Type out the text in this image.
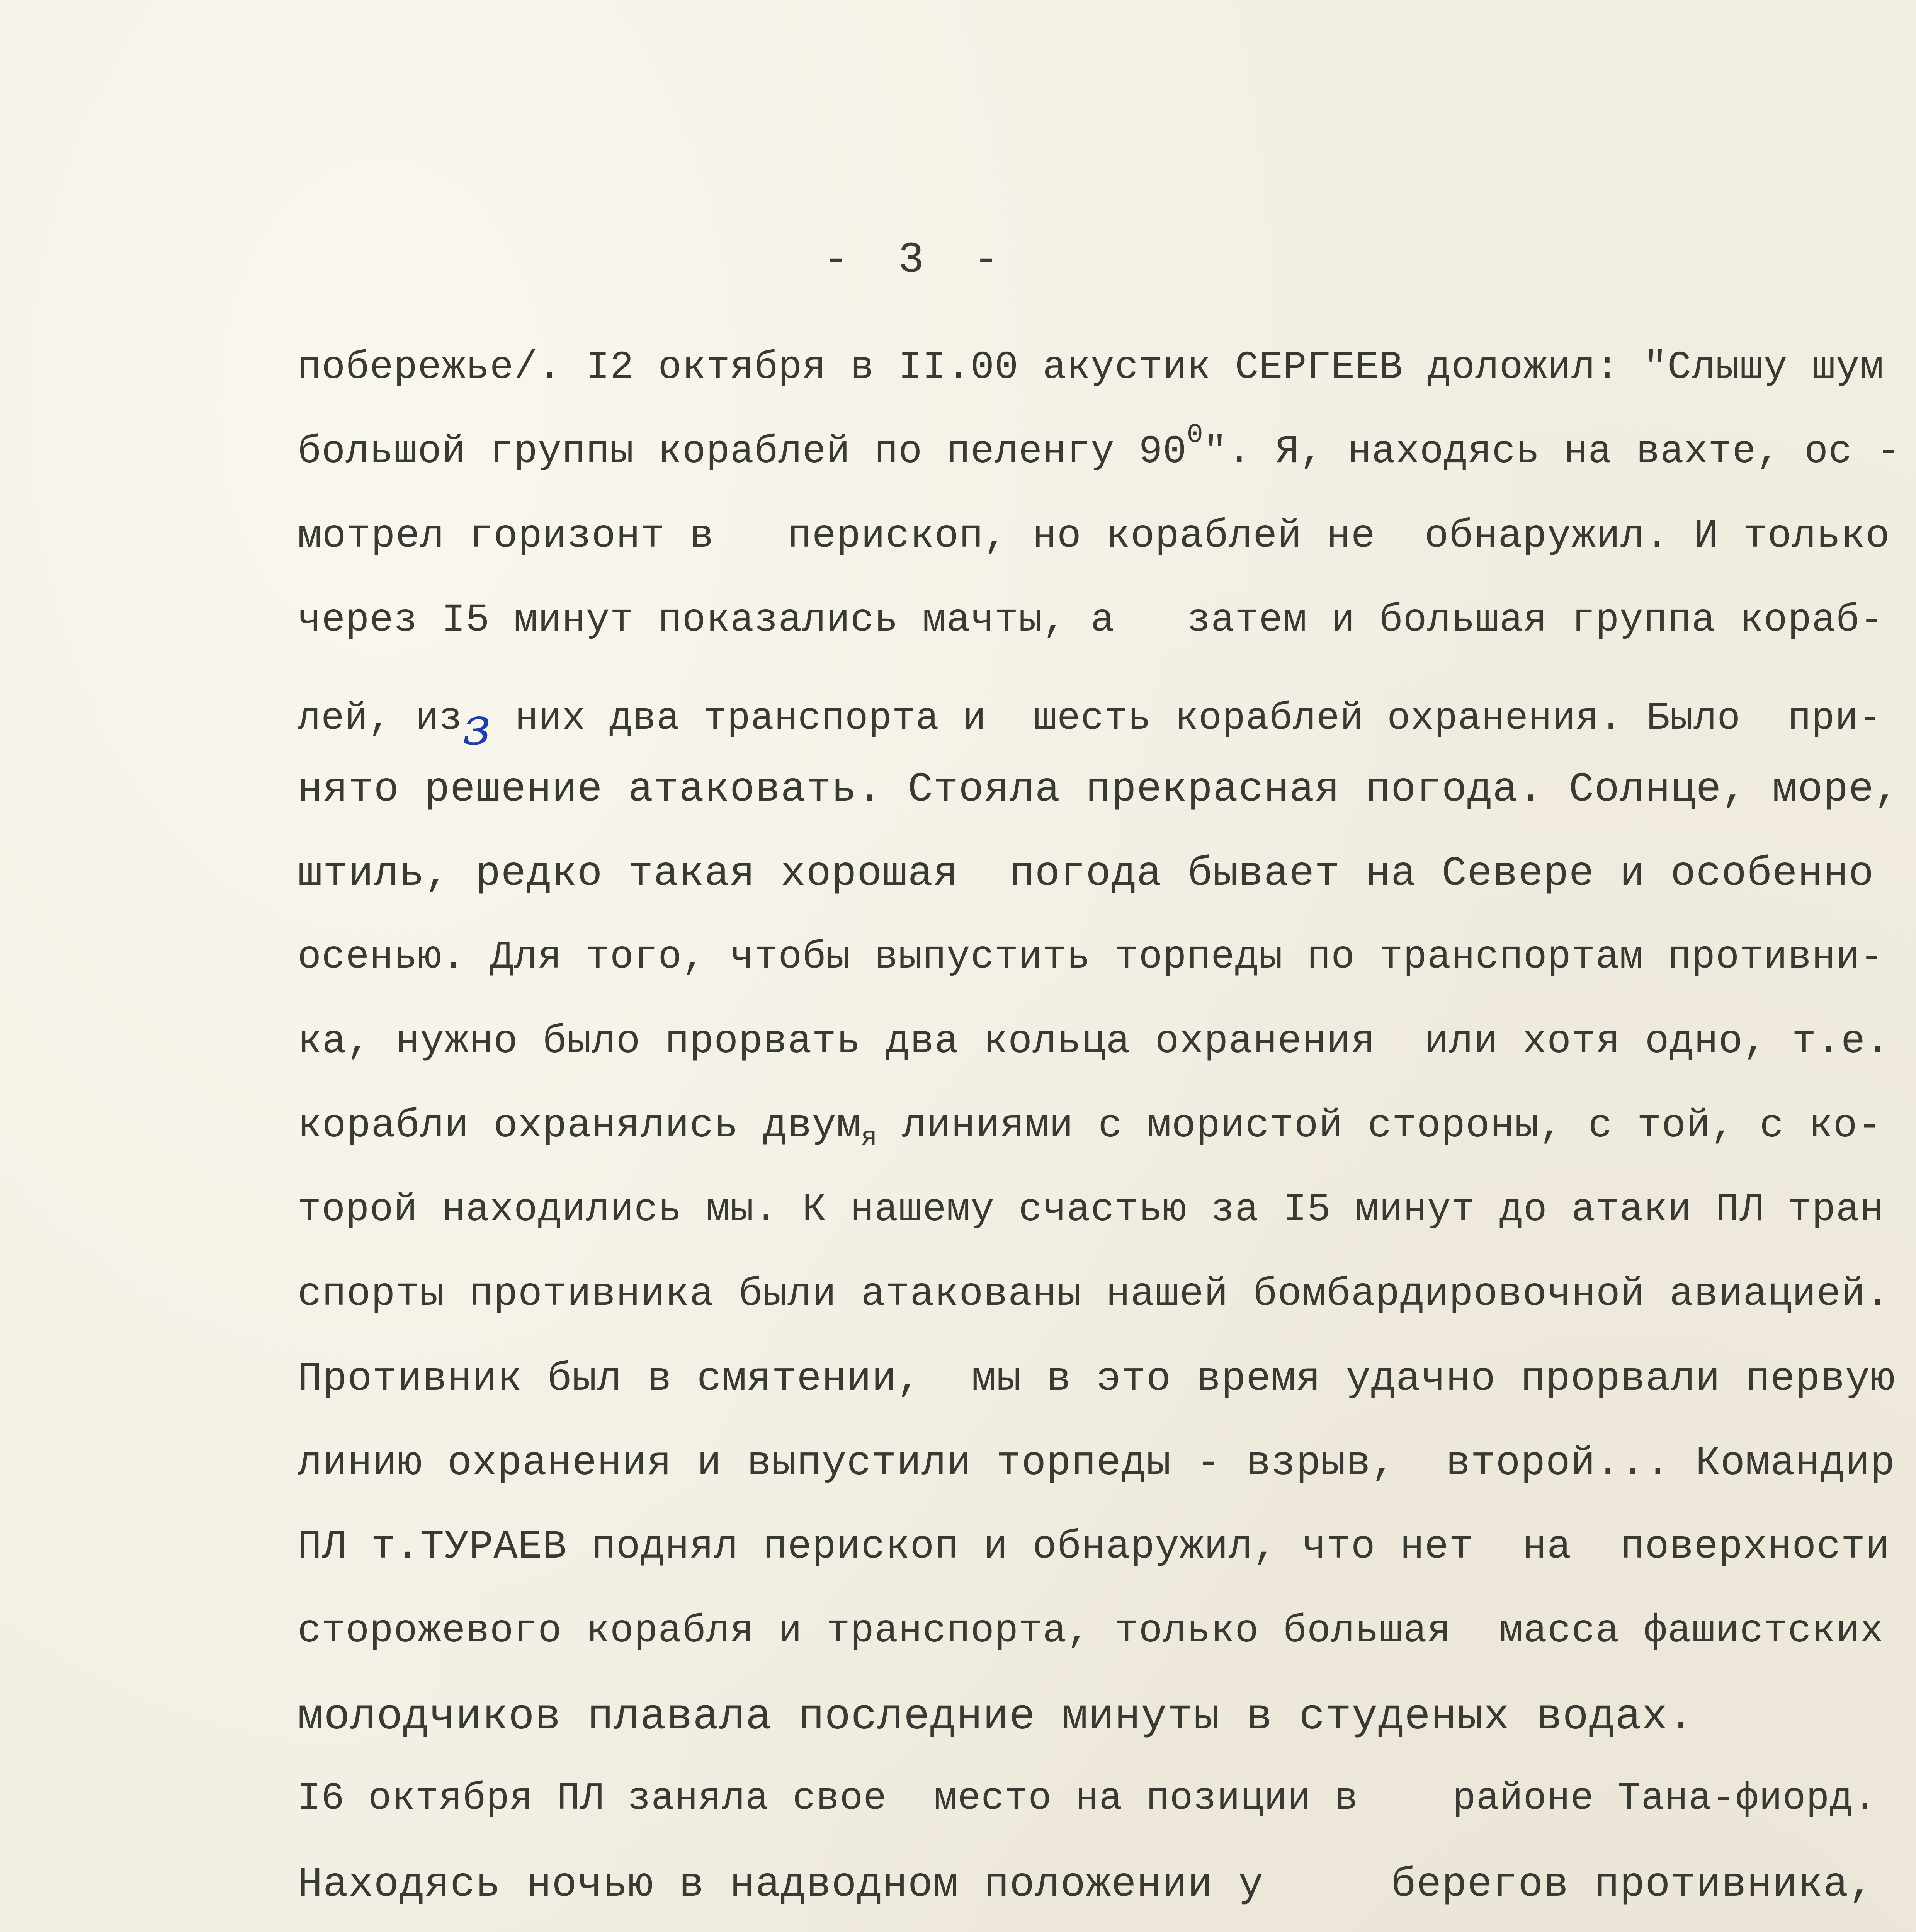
- 3 -
побережье/. I2 октября в II.00 акустик СЕРГЕЕВ доложил: "Слышу шум
большой группы кораблей по пеленгу $90^0$". Я, находясь на вахте, ос -
мотрел горизонт в   перископ, но кораблей не  обнаружил. И только
через I5 минут показались мачты, а   затем и большая группа кораб-
лей, изз них два транспорта и  шесть кораблей охранения. Было  при-
нято решение атаковать. Стояла прекрасная погода. Солнце, море,
штиль, редко такая хорошая  погода бывает на Севере и особенно
осенью. Для того, чтобы выпустить торпеды по транспортам противни-
ка, нужно было прорвать два кольца охранения  или хотя одно, т.е.
корабли охранялись двум$_я$ линиями с мористой стороны, с той, с ко-
торой находились мы. К нашему счастью за I5 минут до атаки ПЛ тран
спорты противника были атакованы нашей бомбардировочной авиацией.
Противник был в смятении,  мы в это время удачно прорвали первую
линию охранения и выпустили торпеды - взрыв,  второй... Командир
ПЛ т.ТУРАЕВ поднял перископ и обнаружил, что нет  на  поверхности
сторожевого корабля и транспорта, только большая  масса фашистских
молодчиков плавала последние минуты в студеных водах.
I6 октября ПЛ заняла свое  место на позиции в    районе Тана-фиорд.
Находясь ночью в надводном положении у     берегов противника,
